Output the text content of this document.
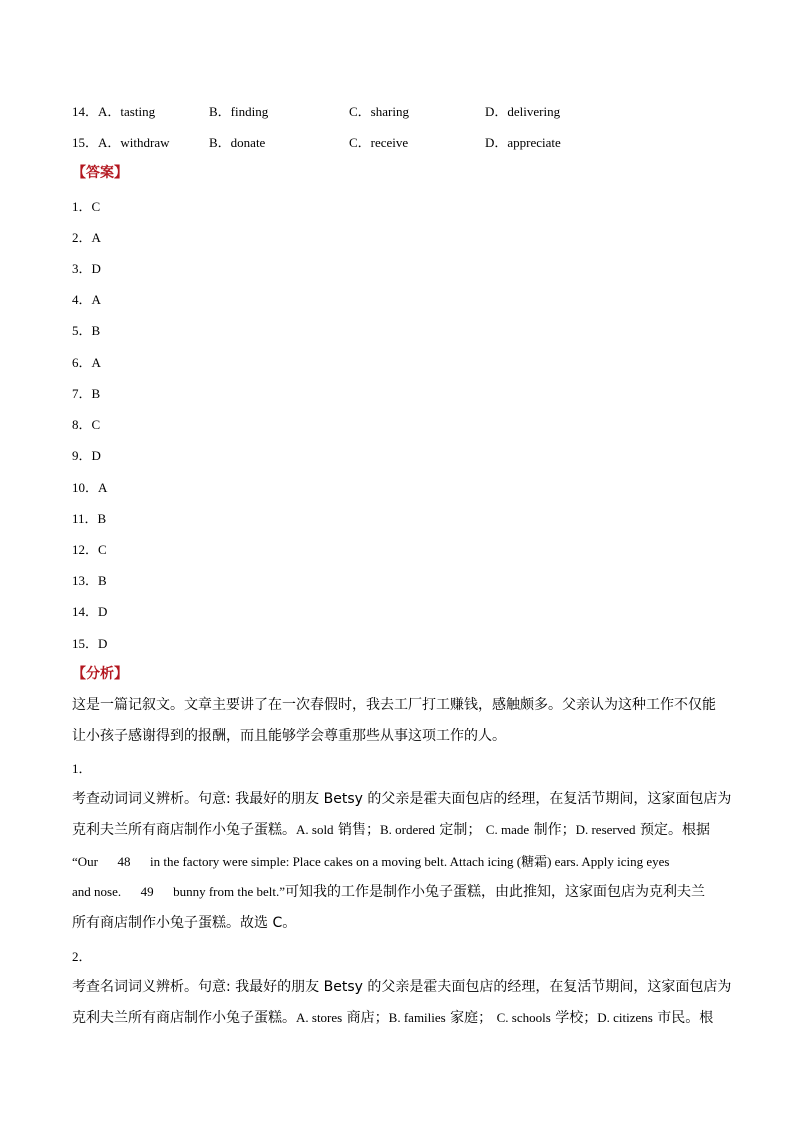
14．A．tasting	B．finding	C．sharing	D．delivering
15．A．withdraw	B．donate	C．receive	D．appreciate
【答案】
1．C
2．A
3．D
4．A
5．B
6．A
7．B
8．C
9．D
10．A
11．B
12．C
13．B
14．D
15．D
【分析】
这是一篇记叙文。文章主要讲了在一次春假时，我去工厂打工赚钱，感触颇多。父亲认为这种工作不仅能
让小孩子感谢得到的报酬，而且能够学会尊重那些从事这项工作的人。
1．
考查动词词义辨析。句意: 我最好的朋友 Betsy 的父亲是霍夫面包店的经理，在复活节期间，这家面包店为
克利夫兰所有商店制作小兔子蛋糕。A. sold 销售；B. ordered 定制； C. made 制作；D. reserved 预定。根据
“Our      48      in the factory were simple: Place cakes on a moving belt. Attach icing (糖霜) ears. Apply icing eyes
and nose.      49      bunny from the belt.”可知我的工作是制作小兔子蛋糕，由此推知，这家面包店为克利夫兰
所有商店制作小兔子蛋糕。故选 C。
2．
考查名词词义辨析。句意: 我最好的朋友 Betsy 的父亲是霍夫面包店的经理，在复活节期间，这家面包店为
克利夫兰所有商店制作小兔子蛋糕。A. stores 商店；B. families 家庭； C. schools 学校；D. citizens 市民。根
